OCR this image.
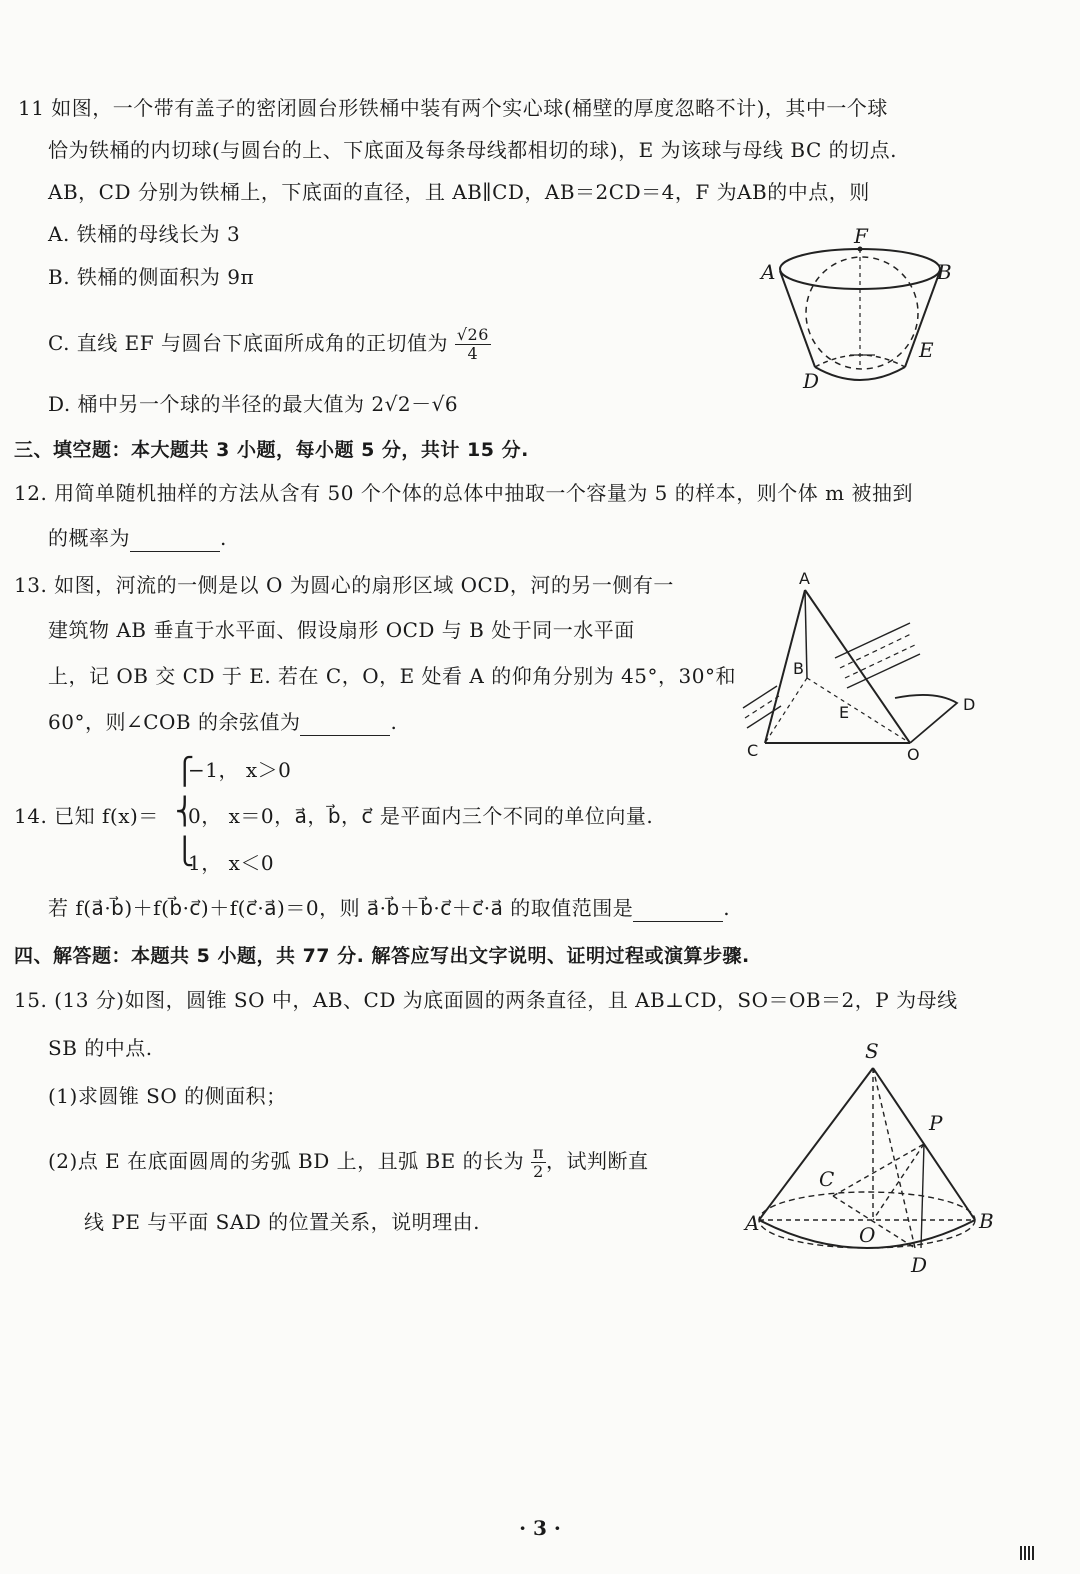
11 如图，一个带有盖子的密闭圆台形铁桶中装有两个实心球(桶壁的厚度忽略不计)，其中一个球
恰为铁桶的内切球(与圆台的上、下底面及每条母线都相切的球)，E 为该球与母线 BC 的切点.
AB，CD 分别为铁桶上，下底面的直径，且 AB∥CD，AB＝2CD＝4，F 为AB的中点，则
A. 铁桶的母线长为 3
B. 铁桶的侧面积为 9π
C. 直线 EF 与圆台下底面所成角的正切值为 $\frac{√26}{4}$
D. 桶中另一个球的半径的最大值为 2√2－√6
F
A	B
E
D
三、填空题：本大题共 3 小题，每小题 5 分，共计 15 分.
12. 用简单随机抽样的方法从含有 50 个个体的总体中抽取一个容量为 5 的样本，则个体 m 被抽到
的概率为	.
13. 如图，河流的一侧是以 O 为圆心的扇形区域 OCD，河的另一侧有一
建筑物 AB 垂直于水平面、假设扇形 OCD 与 B 处于同一水平面
上，记 OB 交 CD 于 E. 若在 C，O，E 处看 A 的仰角分别为 45°，30°和
60°，则∠COB 的余弦值为	.
A
B
E	D
C	O
14. 已知 f(x)＝
⎧
⎨
⎩
−1， x＞0
0， x＝0，a⃗，b⃗，c⃗ 是平面内三个不同的单位向量.
1， x＜0
若 f(a⃗·b⃗)＋f(b⃗·c⃗)＋f(c⃗·a⃗)＝0，则 a⃗·b⃗＋b⃗·c⃗＋c⃗·a⃗ 的取值范围是	.
四、解答题：本题共 5 小题，共 77 分. 解答应写出文字说明、证明过程或演算步骤.
15. (13 分)如图，圆锥 SO 中，AB、CD 为底面圆的两条直径，且 AB⊥CD，SO＝OB＝2，P 为母线
SB 的中点.
(1)求圆锥 SO 的侧面积；
(2)点 E 在底面圆周的劣弧 BD 上，且弧 BE 的长为 $\frac{\pi}{2}$ ，试判断直
线 PE 与平面 SAD 的位置关系，说明理由.
S
P
C
A	O
B
D
· 3 ·
